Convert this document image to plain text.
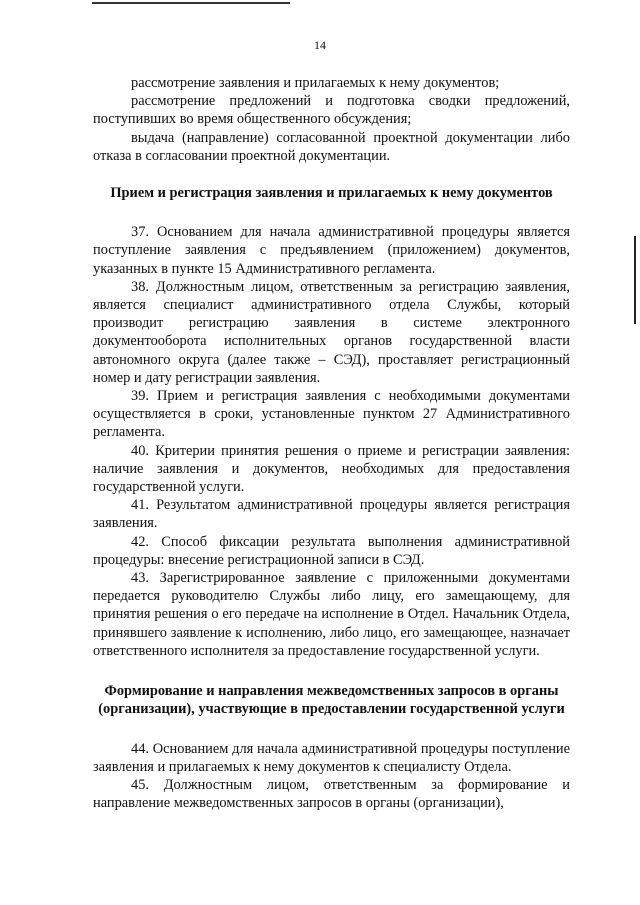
14

рассмотрение заявления и прилагаемых к нему документов;

рассмотрение предложений и подготовка сводки предложений, поступивших во время общественного обсуждения;

выдача (направление) согласованной проектной документации либо отказа в согласовании проектной документации.

Прием и регистрация заявления и прилагаемых к нему документов

37. Основанием для начала административной процедуры является поступление заявления с предъявлением (приложением) документов, указанных в пункте 15 Административного регламента.

38. Должностным лицом, ответственным за регистрацию заявления, является специалист административного отдела Службы, который производит регистрацию заявления в системе электронного документооборота исполнительных органов государственной власти автономного округа (далее также – СЭД), проставляет регистрационный номер и дату регистрации заявления.

39. Прием и регистрация заявления с необходимыми документами осуществляется в сроки, установленные пунктом 27 Административного регламента.

40. Критерии принятия решения о приеме и регистрации заявления: наличие заявления и документов, необходимых для предоставления государственной услуги.

41. Результатом административной процедуры является регистрация заявления.

42. Способ фиксации результата выполнения административной процедуры: внесение регистрационной записи в СЭД.

43. Зарегистрированное заявление с приложенными документами передается руководителю Службы либо лицу, его замещающему, для принятия решения о его передаче на исполнение в Отдел. Начальник Отдела, принявшего заявление к исполнению, либо лицо, его замещающее, назначает ответственного исполнителя за предоставление государственной услуги.

Формирование и направления межведомственных запросов в органы (организации), участвующие в предоставлении государственной услуги

44. Основанием для начала административной процедуры поступление заявления и прилагаемых к нему документов к специалисту Отдела.

45. Должностным лицом, ответственным за формирование и направление межведомственных запросов в органы (организации),
